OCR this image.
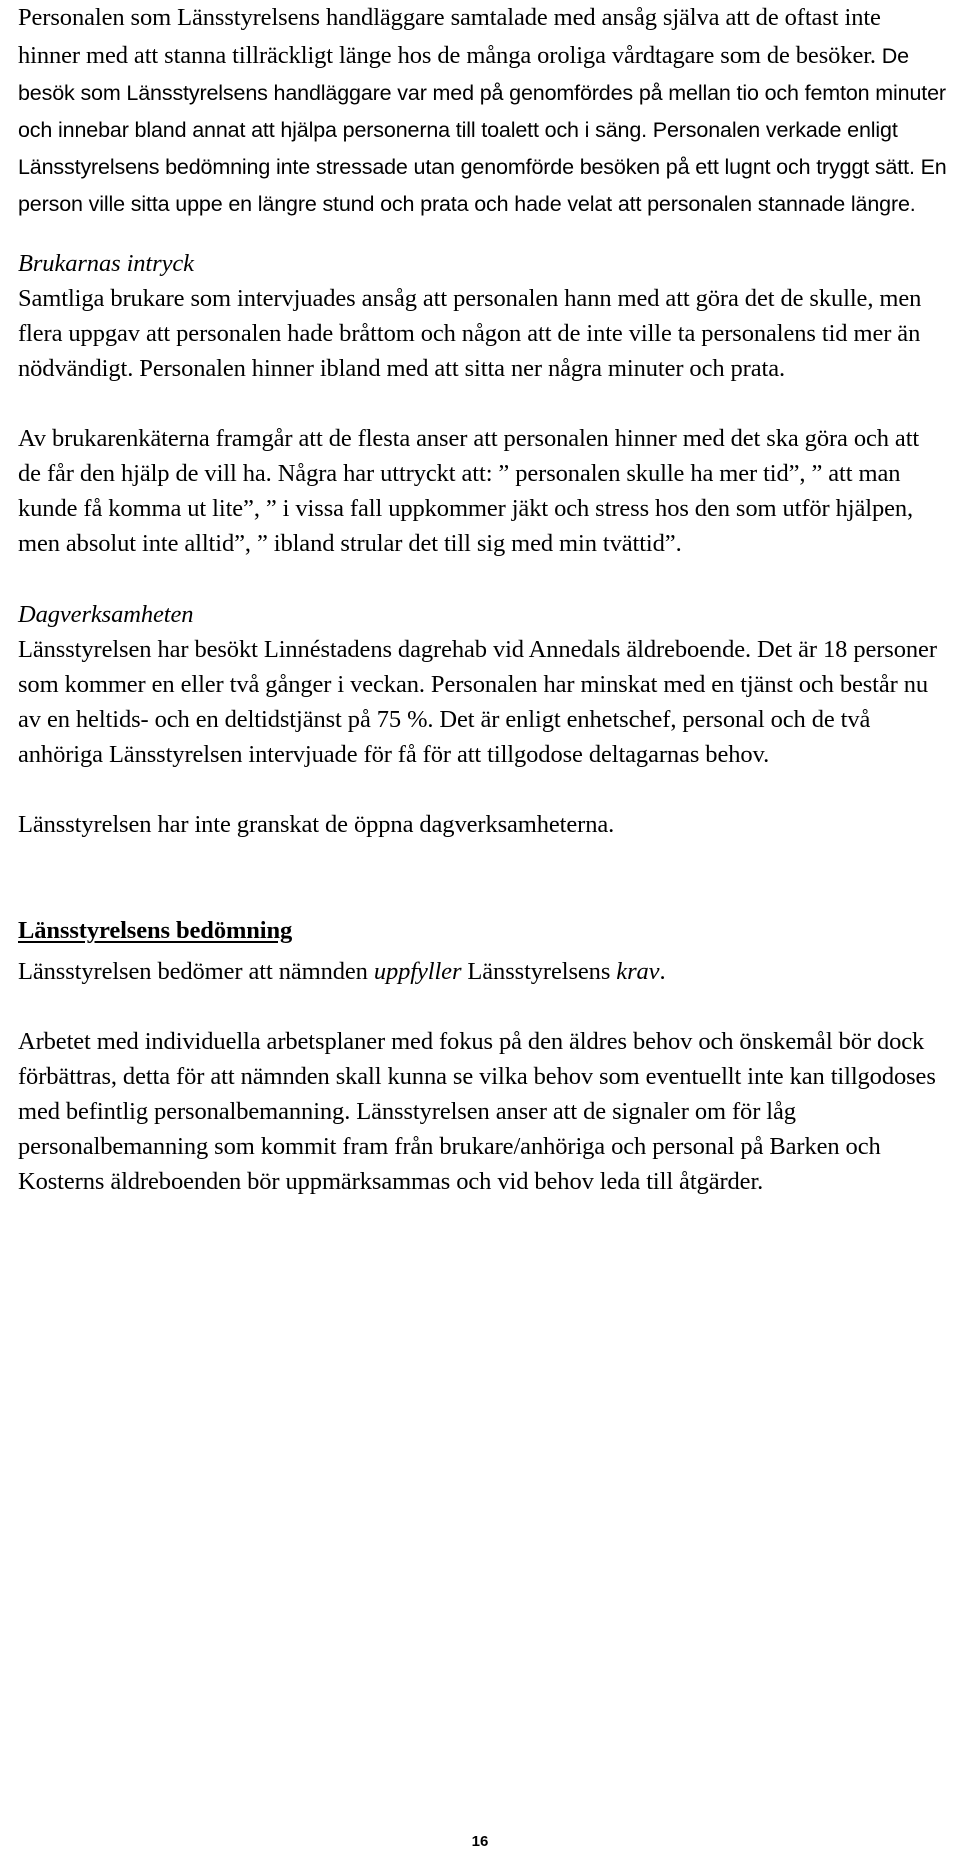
Personalen som Länsstyrelsens handläggare samtalade med ansåg själva att de oftast inte hinner med att stanna tillräckligt länge hos de många oroliga vårdtagare som de besöker. De besök som Länsstyrelsens handläggare var med på genomfördes på mellan tio och femton minuter och innebar bland annat att hjälpa personerna till toalett och i säng. Personalen verkade enligt Länsstyrelsens bedömning inte stressade utan genomförde besöken på ett lugnt och tryggt sätt. En person ville sitta uppe en längre stund och prata och hade velat att personalen stannade längre.

Brukarnas intryck

Samtliga brukare som intervjuades ansåg att personalen hann med att göra det de skulle, men flera uppgav att personalen hade bråttom och någon att de inte ville ta personalens tid mer än nödvändigt. Personalen hinner ibland med att sitta ner några minuter och prata.

Av brukarenkäterna framgår att de flesta anser att personalen hinner med det ska göra och att de får den hjälp de vill ha. Några har uttryckt att: ” personalen skulle ha mer tid”, ” att man kunde få komma ut lite”, ” i vissa fall uppkommer jäkt och stress hos den som utför hjälpen, men absolut inte alltid”, ” ibland strular det till sig med min tvättid”.

Dagverksamheten

Länsstyrelsen har besökt Linnéstadens dagrehab vid Annedals äldreboende. Det är 18 personer som kommer en eller två gånger i veckan. Personalen har minskat med en tjänst och består nu av en heltids- och en deltidstjänst på 75 %. Det är enligt enhetschef, personal och de två anhöriga Länsstyrelsen intervjuade för få för att tillgodose deltagarnas behov.

Länsstyrelsen har inte granskat de öppna dagverksamheterna.

Länsstyrelsens bedömning

Länsstyrelsen bedömer att nämnden uppfyller Länsstyrelsens krav.

Arbetet med individuella arbetsplaner med fokus på den äldres behov och önskemål bör dock förbättras, detta för att nämnden skall kunna se vilka behov som eventuellt inte kan tillgodoses med befintlig personalbemanning. Länsstyrelsen anser att de signaler om för låg personalbemanning som kommit fram från brukare/anhöriga och personal på Barken och Kosterns äldreboenden bör uppmärksammas och vid behov leda till åtgärder.

16
